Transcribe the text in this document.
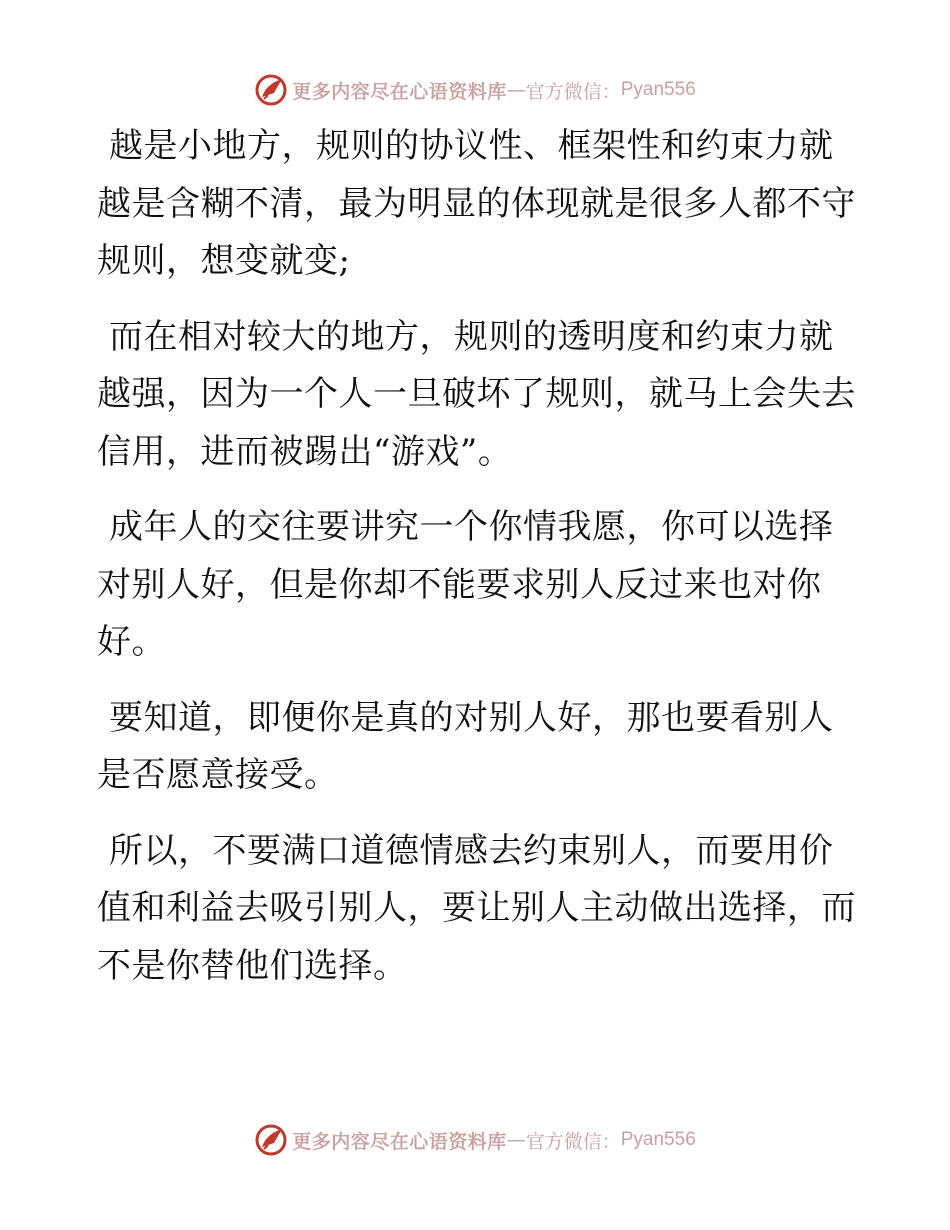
更多内容尽在心语资料库 — 官方微信： Pyan556

越是小地方，规则的协议性、框架性和约束力就越是含糊不清，最为明显的体现就是很多人都不守规则，想变就变;

而在相对较大的地方，规则的透明度和约束力就越强，因为一个人一旦破坏了规则，就马上会失去信用，进而被踢出“游戏”。

成年人的交往要讲究一个你情我愿，你可以选择对别人好，但是你却不能要求别人反过来也对你好。

要知道，即便你是真的对别人好，那也要看别人是否愿意接受。

所以，不要满口道德情感去约束别人，而要用价值和利益去吸引别人，要让别人主动做出选择，而不是你替他们选择。

更多内容尽在心语资料库 — 官方微信： Pyan556
